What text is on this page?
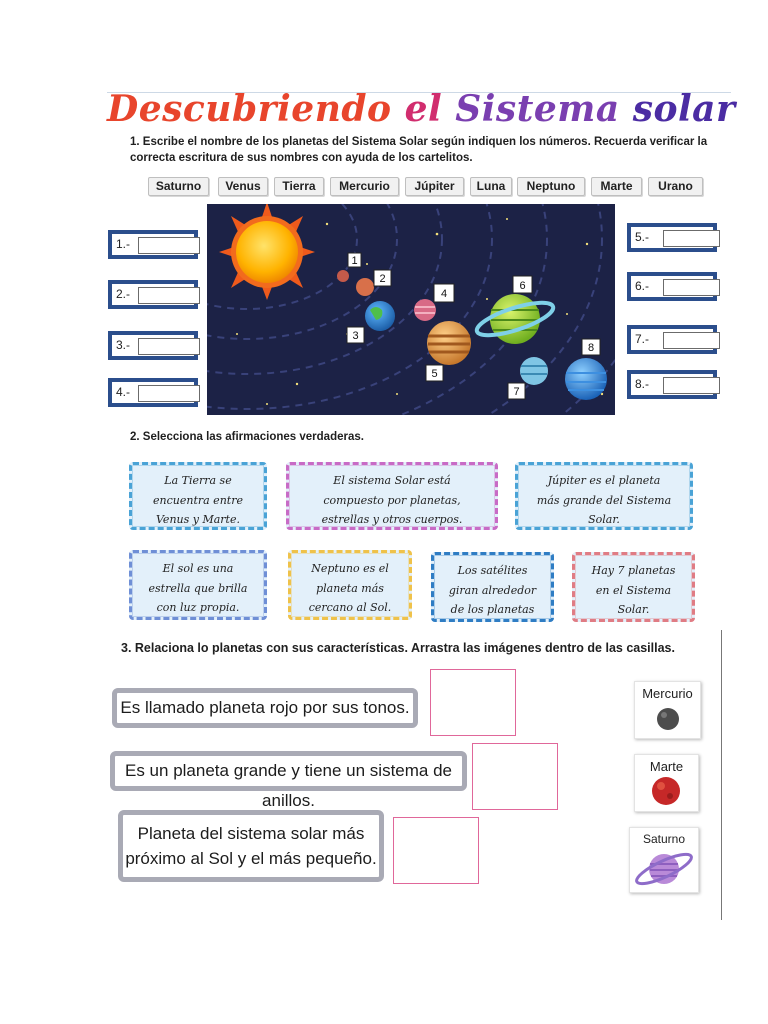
Descubriendo el Sistema solar
1. Escribe el nombre de los planetas del Sistema Solar según indiquen los números. Recuerda verificar la correcta escritura de sus nombres con ayuda de los cartelitos.
Saturno	Venus	Tierra	Mercurio	Júpiter	Luna	Neptuno	Marte	Urano
1.-
2.-
3.-
4.-
5.-
6.-
7.-
8.-
1
2
3
4
5
6
7
8
2. Selecciona las afirmaciones verdaderas.
La Tierra se
encuentra entre
Venus y Marte.
El sistema Solar está
compuesto por planetas,
estrellas y otros cuerpos.
Júpiter es el planeta
más grande del Sistema
Solar.
El sol es una
estrella que brilla
con luz propia.
Neptuno es el
planeta más
cercano al Sol.
Los satélites
giran alrededor
de los planetas
Hay 7 planetas
en el Sistema
Solar.
3. Relaciona lo planetas con sus características. Arrastra las imágenes dentro de las casillas.
Es llamado planeta rojo por sus tonos.
Es un planeta grande y tiene un sistema de anillos.
Planeta del sistema solar más
próximo al Sol y el más pequeño.
Mercurio
Marte
Saturno
